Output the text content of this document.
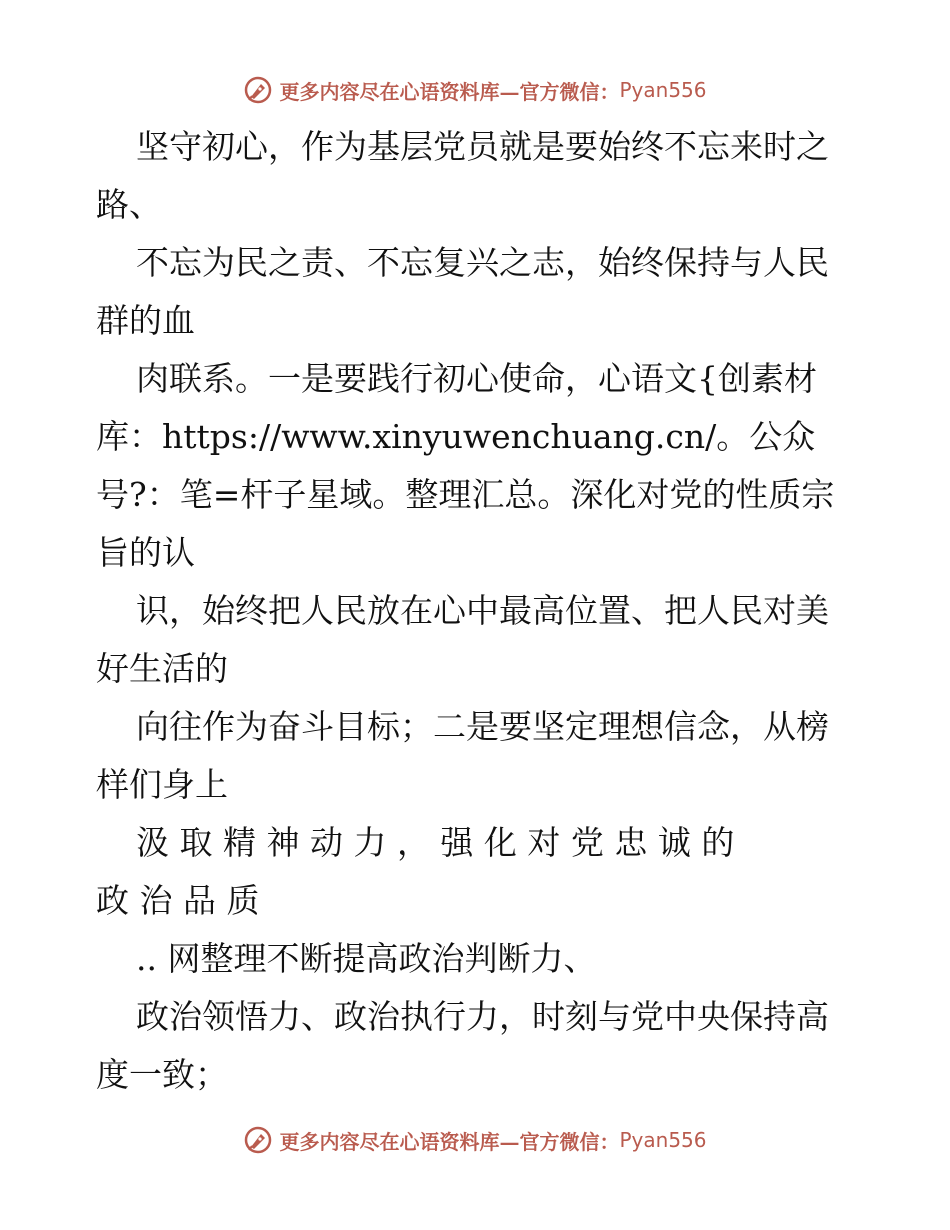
更多内容尽在心语资料库—官方微信： Pyan556
坚守初心，作为基层党员就是要始终不忘来时之
路、
不忘为民之责、不忘复兴之志，始终保持与人民
群的血
肉联系。一是要践行初心使命，心语文{创素材
库：https://www.xinyuwenchuang.cn/。公众
号?：笔=杆子星域。整理汇总。深化对党的性质宗
旨的认
识，始终把人民放在心中最高位置、把人民对美
好生活的
向往作为奋斗目标；二是要坚定理想信念，从榜
样们身上
汲 取 精 神 动 力 ， 强 化 对 党 忠 诚 的
政 治 品 质
.. 网整理不断提高政治判断力、
政治领悟力、政治执行力，时刻与党中央保持高
度一致；
更多内容尽在心语资料库—官方微信： Pyan556
